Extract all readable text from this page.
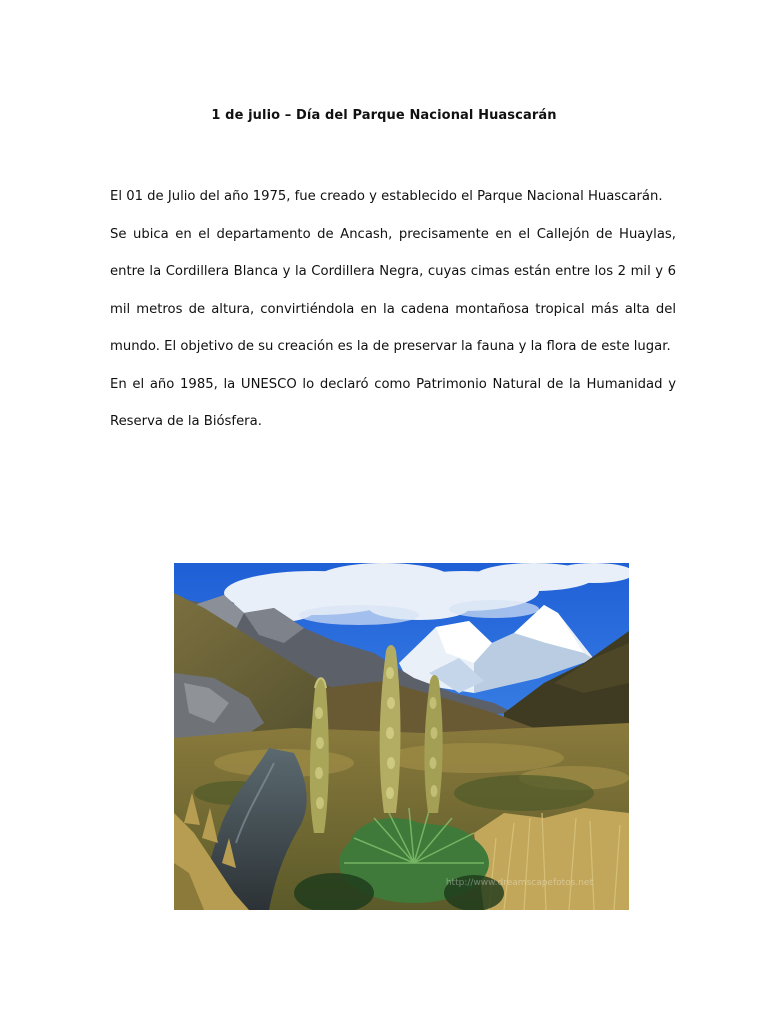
1 de julio – Día del Parque Nacional Huascarán

El 01 de Julio del año 1975, fue creado y establecido el Parque Nacional Huascarán.

Se ubica en el departamento de Ancash, precisamente en el Callejón de Huaylas, entre la Cordillera Blanca y la Cordillera Negra, cuyas cimas están entre los 2 mil y 6 mil metros de altura, convirtiéndola en la cadena montañosa tropical más alta del mundo. El objetivo de su creación es la de preservar la fauna y la flora de este lugar.

En el año 1985, la UNESCO lo declaró como Patrimonio Natural de la Humanidad y Reserva de la Biósfera.

http://www.dreamscapefotos.net
